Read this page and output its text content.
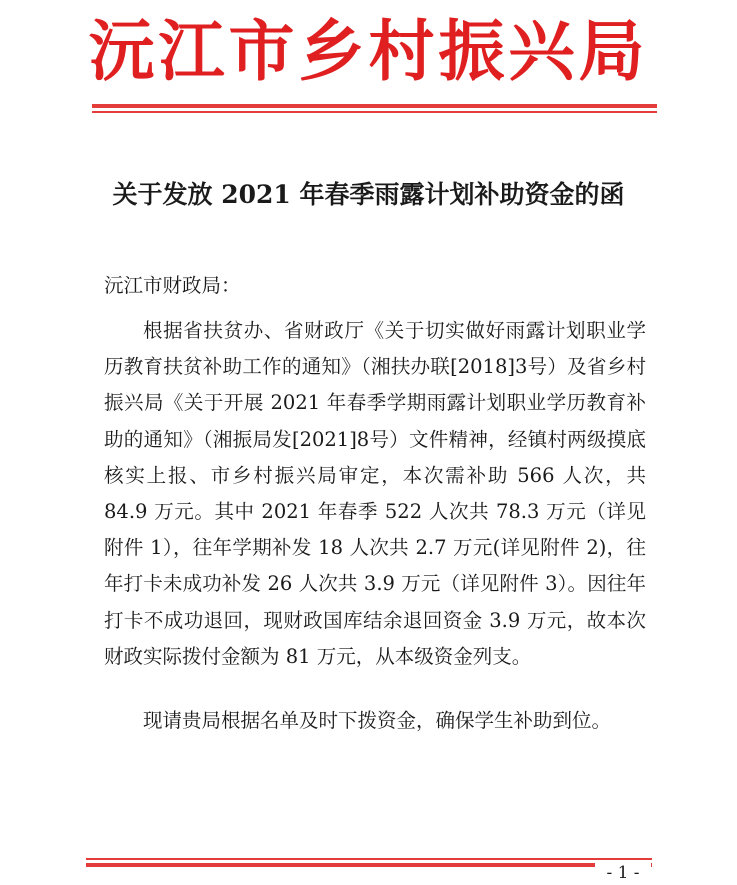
沅江市乡村振兴局
关于发放 2021 年春季雨露计划补助资金的函
沅江市财政局：

根据省扶贫办、省财政厅《关于切实做好雨露计划职业学历教育扶贫补助工作的通知》（湘扶办联[2018]3号）及省乡村振兴局《关于开展 2021 年春季学期雨露计划职业学历教育补助的通知》（湘振局发[2021]8号）文件精神，经镇村两级摸底核实上报、市乡村振兴局审定，本次需补助 566 人次，共 84.9 万元。其中 2021 年春季 522 人次共 78.3 万元（详见附件 1），往年学期补发 18 人次共 2.7 万元(详见附件 2)，往年打卡未成功补发 26 人次共 3.9 万元（详见附件 3）。因往年打卡不成功退回，现财政国库结余退回资金 3.9 万元，故本次财政实际拨付金额为 81 万元，从本级资金列支。

现请贵局根据名单及时下拨资金，确保学生补助到位。

- 1 -
